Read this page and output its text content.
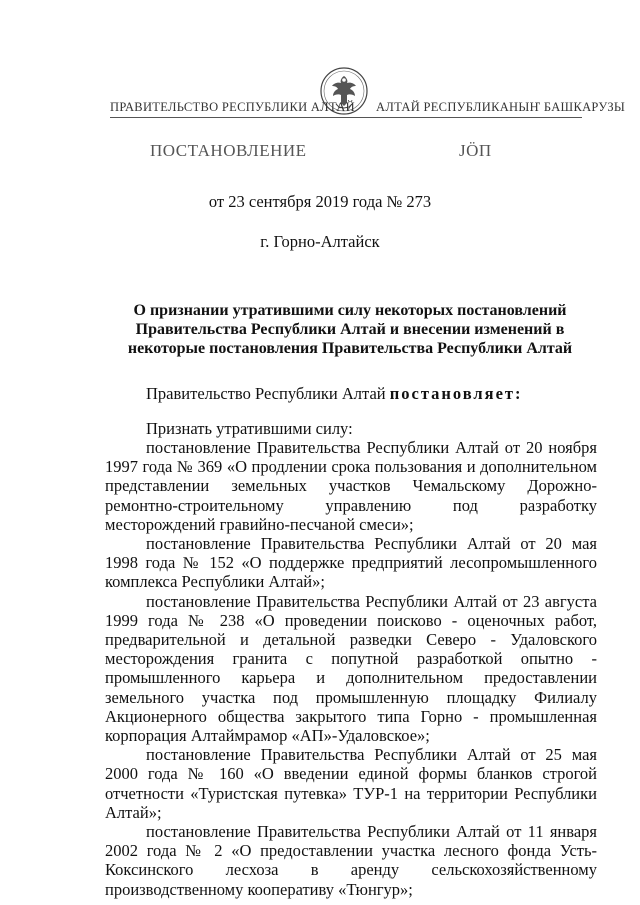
ПРАВИТЕЛЬСТВО РЕСПУБЛИКИ АЛТАЙ АЛТАЙ РЕСПУБЛИКАНЫҤ БАШКАРУЗЫ
ПОСТАНОВЛЕНИЕ	ЈӦП
от 23 сентября 2019 года № 273
г. Горно-Алтайск
О признании утратившими силу некоторых постановлений Правительства Республики Алтай и внесении изменений в некоторые постановления Правительства Республики Алтай
Правительство Республики Алтай постановляет:
Признать утратившими силу:

постановление Правительства Республики Алтай от 20 ноября 1997 года № 369 «О продлении срока пользования и дополнительном представлении земельных участков Чемальскому Дорожно-ремонтно-строительному управлению под разработку месторождений гравийно-песчаной смеси»;

постановление Правительства Республики Алтай от 20 мая 1998 года № 152 «О поддержке предприятий лесопромышленного комплекса Республики Алтай»;

постановление Правительства Республики Алтай от 23 августа 1999 года № 238 «О проведении поисково - оценочных работ, предварительной и детальной разведки Северо - Удаловского месторождения гранита с попутной разработкой опытно - промышленного карьера и дополнительном предоставлении земельного участка под промышленную площадку Филиалу Акционерного общества закрытого типа Горно - промышленная корпорация Алтаймрамор «АП»-Удаловское»;

постановление Правительства Республики Алтай от 25 мая 2000 года № 160 «О введении единой формы бланков строгой отчетности «Туристская путевка» ТУР-1 на территории Республики Алтай»;

постановление Правительства Республики Алтай от 11 января 2002 года № 2 «О предоставлении участка лесного фонда Усть-Коксинского лесхоза в аренду сельскохозяйственному производственному кооперативу «Тюнгур»;
